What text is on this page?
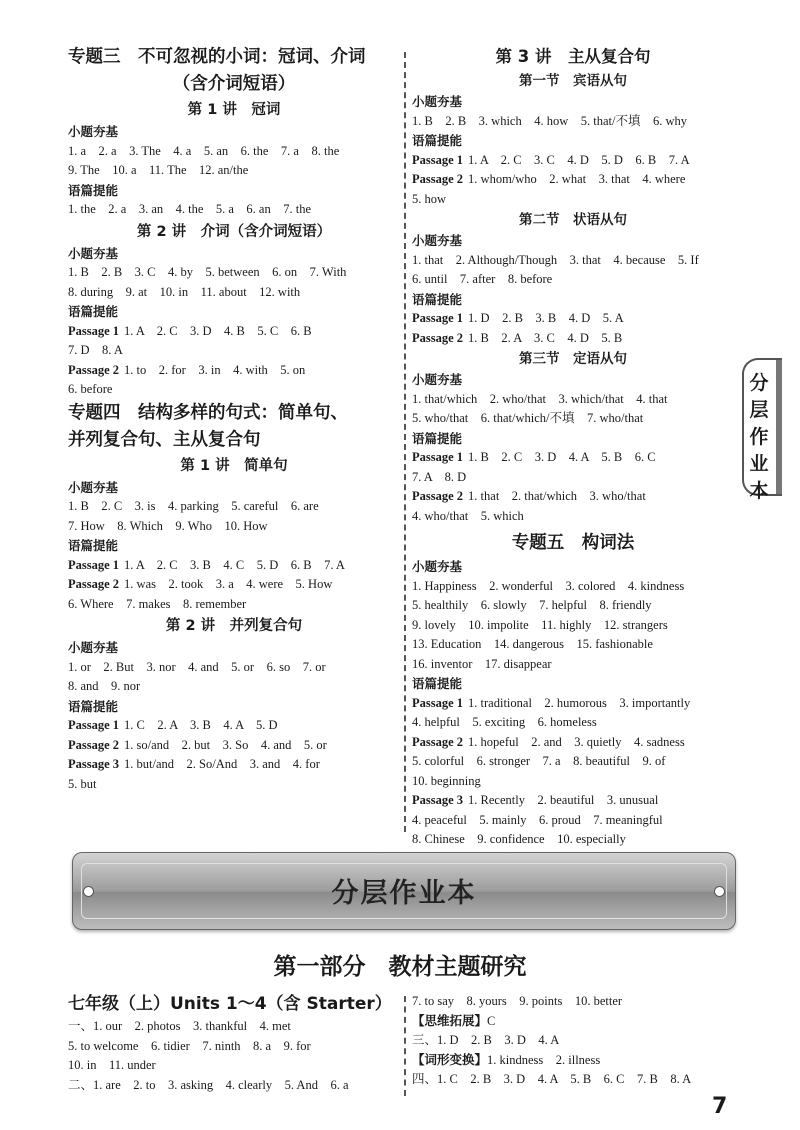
专题三　不可忽视的小词：冠词、介词
（含介词短语）
第 1 讲　冠词
小题夯基
1. a　2. a　3. The　4. a　5. an　6. the　7. a　8. the
9. The　10. a　11. The　12. an/the
语篇提能
1. the　2. a　3. an　4. the　5. a　6. an　7. the
第 2 讲　介词（含介词短语）
小题夯基
1. B　2. B　3. C　4. by　5. between　6. on　7. With
8. during　9. at　10. in　11. about　12. with
语篇提能
Passage 1 1. A　2. C　3. D　4. B　5. C　6. B
7. D　8. A
Passage 2 1. to　2. for　3. in　4. with　5. on
6. before
专题四　结构多样的句式：简单句、
并列复合句、主从复合句
第 1 讲　简单句
小题夯基
1. B　2. C　3. is　4. parking　5. careful　6. are
7. How　8. Which　9. Who　10. How
语篇提能
Passage 1 1. A　2. C　3. B　4. C　5. D　6. B　7. A
Passage 2 1. was　2. took　3. a　4. were　5. How
6. Where　7. makes　8. remember
第 2 讲　并列复合句
小题夯基
1. or　2. But　3. nor　4. and　5. or　6. so　7. or
8. and　9. nor
语篇提能
Passage 1 1. C　2. A　3. B　4. A　5. D
Passage 2 1. so/and　2. but　3. So　4. and　5. or
Passage 3 1. but/and　2. So/And　3. and　4. for
5. but
第 3 讲　主从复合句
第一节　宾语从句
小题夯基
1. B　2. B　3. which　4. how　5. that/不填　6. why
语篇提能
Passage 1 1. A　2. C　3. C　4. D　5. D　6. B　7. A
Passage 2 1. whom/who　2. what　3. that　4. where
5. how
第二节　状语从句
小题夯基
1. that　2. Although/Though　3. that　4. because　5. If
6. until　7. after　8. before
语篇提能
Passage 1 1. D　2. B　3. B　4. D　5. A
Passage 2 1. B　2. A　3. C　4. D　5. B
第三节　定语从句
小题夯基
1. that/which　2. who/that　3. which/that　4. that
5. who/that　6. that/which/不填　7. who/that
语篇提能
Passage 1 1. B　2. C　3. D　4. A　5. B　6. C
7. A　8. D
Passage 2 1. that　2. that/which　3. who/that
4. who/that　5. which
专题五　构词法
小题夯基
1. Happiness　2. wonderful　3. colored　4. kindness
5. healthily　6. slowly　7. helpful　8. friendly
9. lovely　10. impolite　11. highly　12. strangers
13. Education　14. dangerous　15. fashionable
16. inventor　17. disappear
语篇提能
Passage 1 1. traditional　2. humorous　3. importantly
4. helpful　5. exciting　6. homeless
Passage 2 1. hopeful　2. and　3. quietly　4. sadness
5. colorful　6. stronger　7. a　8. beautiful　9. of
10. beginning
Passage 3 1. Recently　2. beautiful　3. unusual
4. peaceful　5. mainly　6. proud　7. meaningful
8. Chinese　9. confidence　10. especially
分层作业本
分层作业本
第一部分　教材主题研究
七年级（上）Units 1～4（含 Starter）
一、1. our　2. photos　3. thankful　4. met
5. to welcome　6. tidier　7. ninth　8. a　9. for
10. in　11. under
二、1. are　2. to　3. asking　4. clearly　5. And　6. a
7. to say　8. yours　9. points　10. better
【思维拓展】C
三、1. D　2. B　3. D　4. A
【词形变换】1. kindness　2. illness
四、1. C　2. B　3. D　4. A　5. B　6. C　7. B　8. A
7
